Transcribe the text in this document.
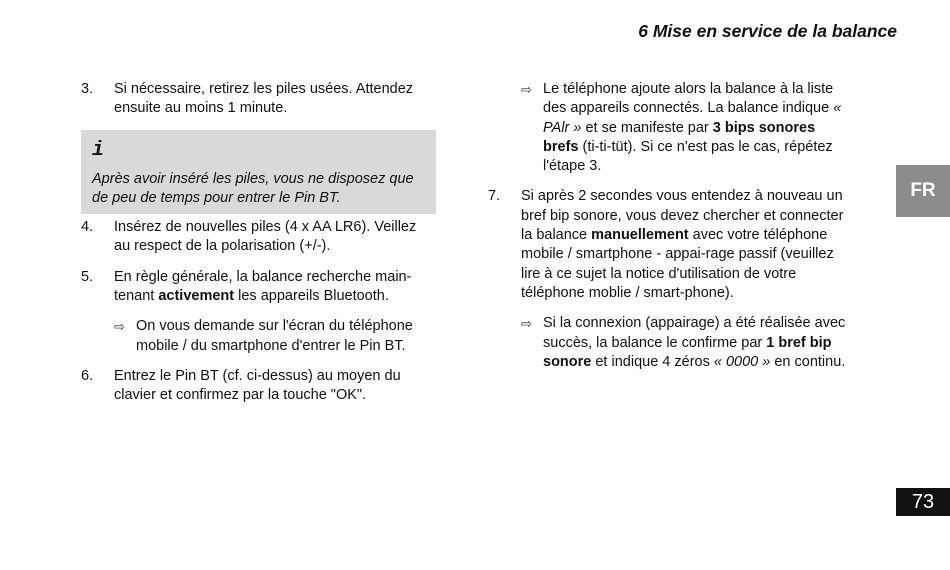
6 Mise en service de la balance
3. Si nécessaire, retirez les piles usées. Attendez ensuite au moins 1 minute.
i
Après avoir inséré les piles, vous ne disposez que de peu de temps pour entrer le Pin BT.
4. Insérez de nouvelles piles (4 x AA LR6). Veillez au respect de la polarisation (+/-).
5. En règle générale, la balance recherche main-tenant activement les appareils Bluetooth.
⇨ On vous demande sur l'écran du téléphone mobile / du smartphone d'entrer le Pin BT.
6. Entrez le Pin BT (cf. ci-dessus) au moyen du clavier et confirmez par la touche "OK".
⇨ Le téléphone ajoute alors la balance à la liste des appareils connectés. La balance indique « PAlr » et se manifeste par 3 bips sonores brefs (ti-ti-tüt). Si ce n'est pas le cas, répétez l'étape 3.
7. Si après 2 secondes vous entendez à nouveau un bref bip sonore, vous devez chercher et connecter la balance manuellement avec votre téléphone mobile / smartphone - appai-rage passif (veuillez lire à ce sujet la notice d'utilisation de votre téléphone moblie / smart-phone).
⇨ Si la connexion (appairage) a été réalisée avec succès, la balance le confirme par 1 bref bip sonore et indique 4 zéros « 0000 » en continu.
FR
73
